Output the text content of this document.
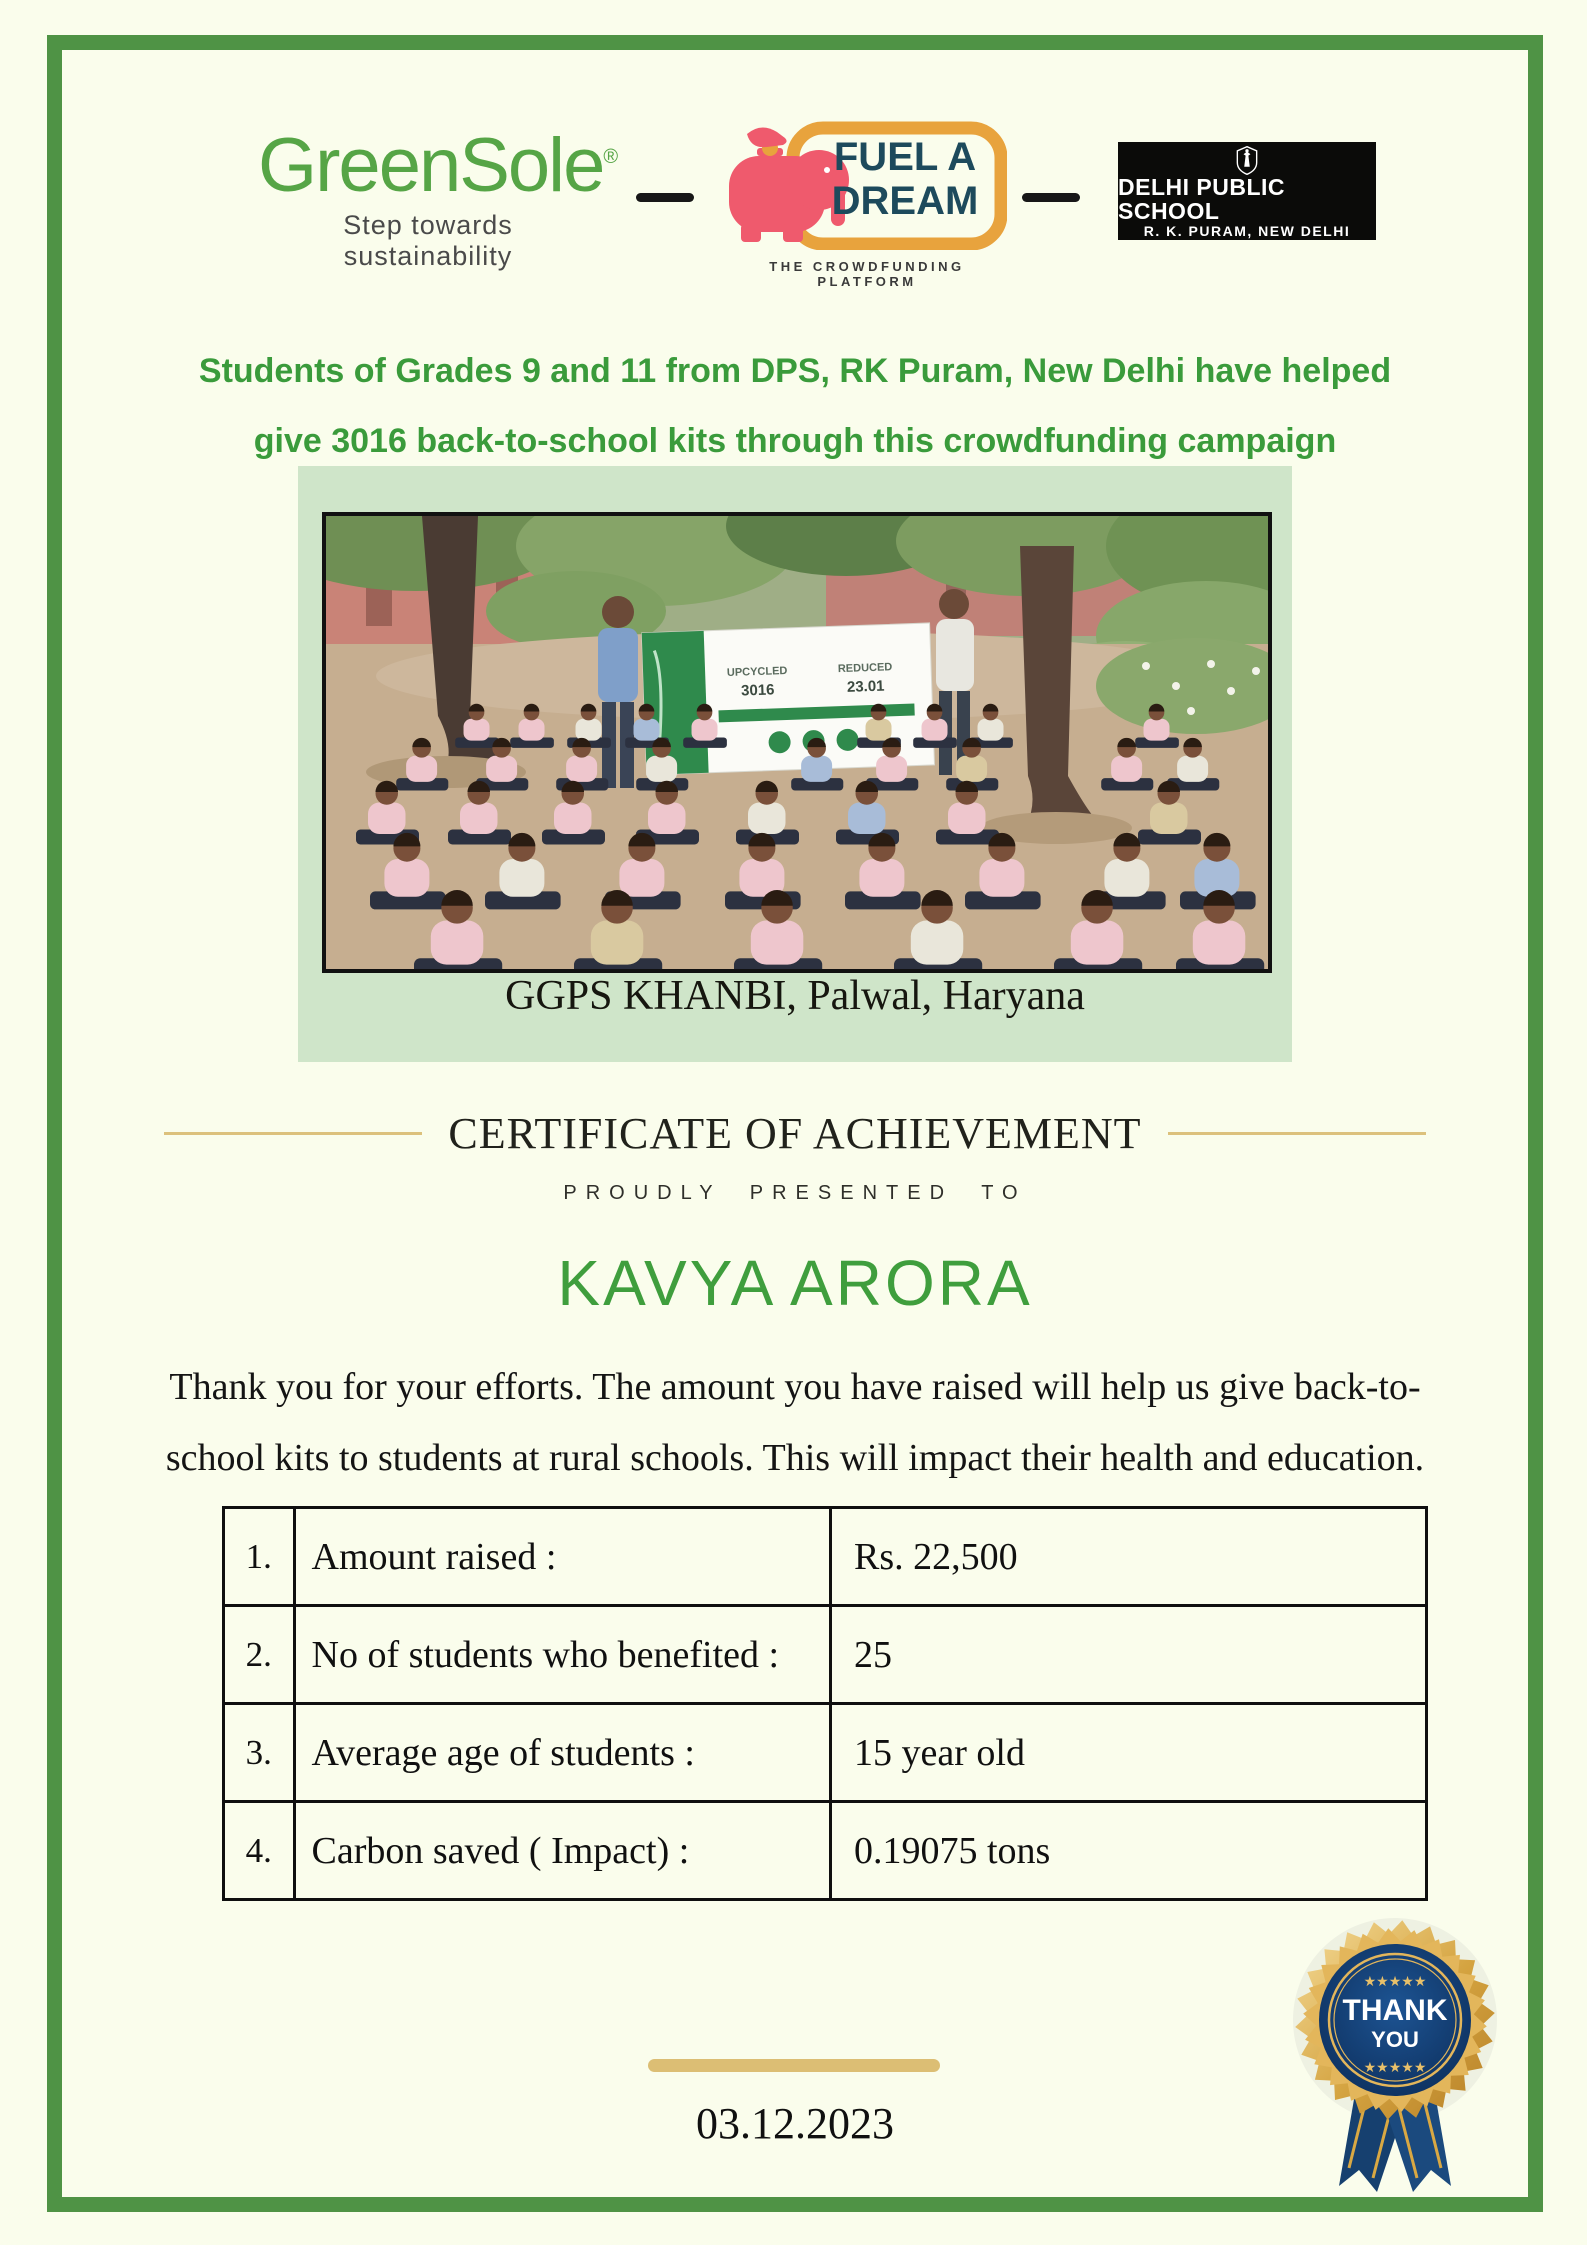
GreenSole®
Step towards sustainability
FUEL A
DREAM
THE CROWDFUNDING PLATFORM
DELHI PUBLIC SCHOOL
R. K. PURAM, NEW DELHI
Students of Grades 9 and 11 from DPS, RK Puram, New Delhi have helped
give 3016 back-to-school kits through this crowdfunding campaign
UPCYCLED
3016
REDUCED
23.01
GGPS KHANBI, Palwal, Haryana
CERTIFICATE OF ACHIEVEMENT
PROUDLY PRESENTED TO
KAVYA ARORA
Thank you for your efforts. The amount you have raised will help us give back-to-
school kits to students at rural schools. This will impact their health and education.
1.	Amount raised :	Rs. 22,500
2.	No of students who benefited :	25
3.	Average age of students :	15 year old
4.	Carbon saved ( Impact) :	0.19075 tons
03.12.2023
★★★★★
THANK
YOU
★★★★★
